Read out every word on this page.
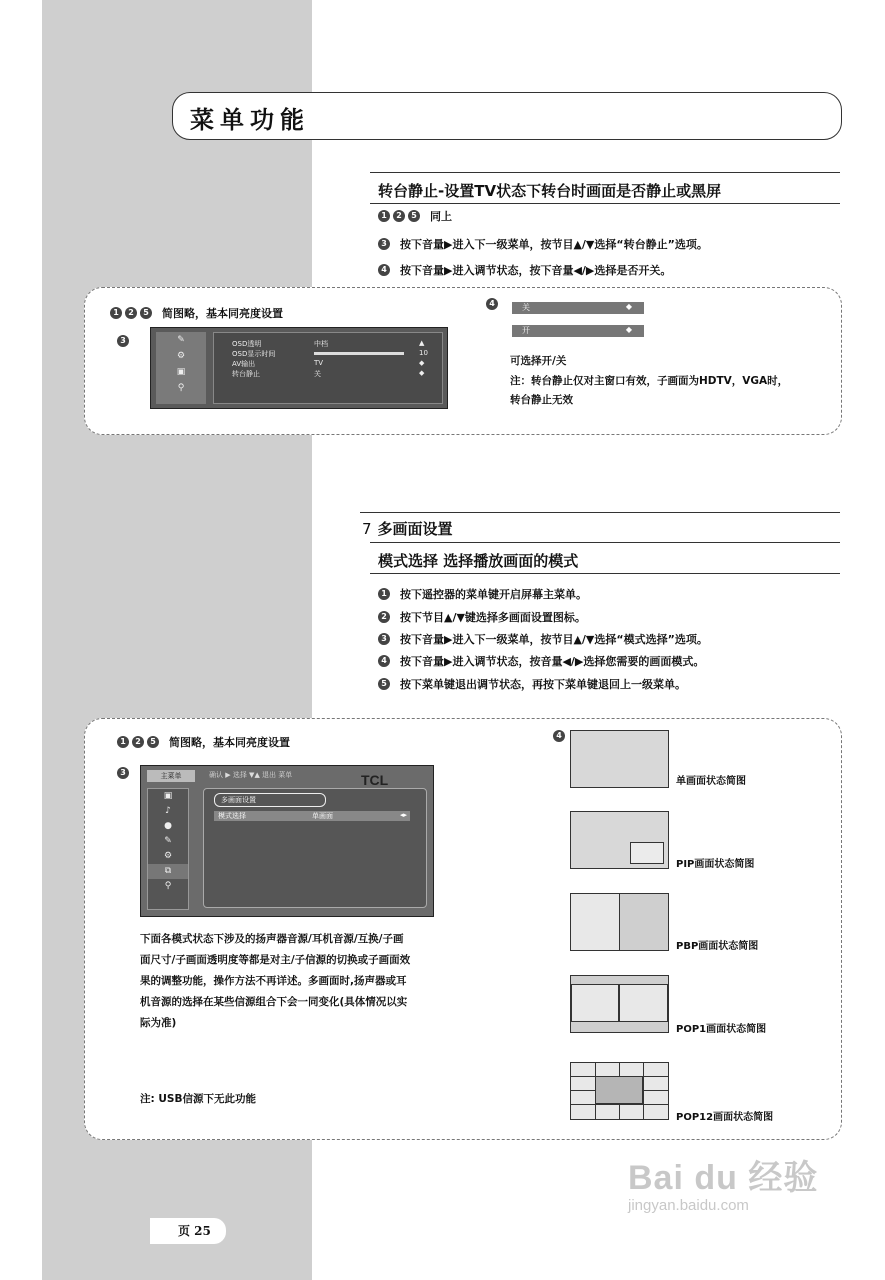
菜单功能
转台静止-设置TV状态下转台时画面是否静止或黑屏
1	2	5 同上
3 按下音量▶进入下一级菜单，按节目▲/▼选择“转台静止”选项。
4 按下音量▶进入调节状态，按下音量◀/▶选择是否开关。
1	2	5 简图略，基本同亮度设置
3
4
✎
⚙
▣
⚲
OSD透明	中档	▲
OSD显示时间	10
AV输出	TV	◆
转台静止	关	◆
关	◆
开	◆
可选择开/关
注：转台静止仅对主窗口有效，子画面为HDTV，VGA时，
转台静止无效
7 多画面设置
模式选择 选择播放画面的模式
1 按下遥控器的菜单键开启屏幕主菜单。
2 按下节目▲/▼键选择多画面设置图标。
3 按下音量▶进入下一级菜单，按节目▲/▼选择“模式选择”选项。
4 按下音量▶进入调节状态，按音量◀/▶选择您需要的画面模式。
5 按下菜单键退出调节状态，再按下菜单键退回上一级菜单。
1	2	5 简图略，基本同亮度设置
3
4
主菜单	确认 ▶ 选择 ▼▲ 退出 菜单	TCL
▣
♪
●
✎
⚙
⧉
⚲
多画面设置
模式选择	单画面	◂▸
下面各模式状态下涉及的扬声器音源/耳机音源/互换/子画
面尺寸/子画面透明度等都是对主/子信源的切换或子画面效
果的调整功能，操作方法不再详述。多画面时,扬声器或耳
机音源的选择在某些信源组合下会一同变化(具体情况以实
际为准)
注: USB信源下无此功能
单画面状态简图
PIP画面状态简图
PBP画面状态简图
POP1画面状态简图
POP12画面状态简图
页 25
Bai du 经验
jingyan.baidu.com
